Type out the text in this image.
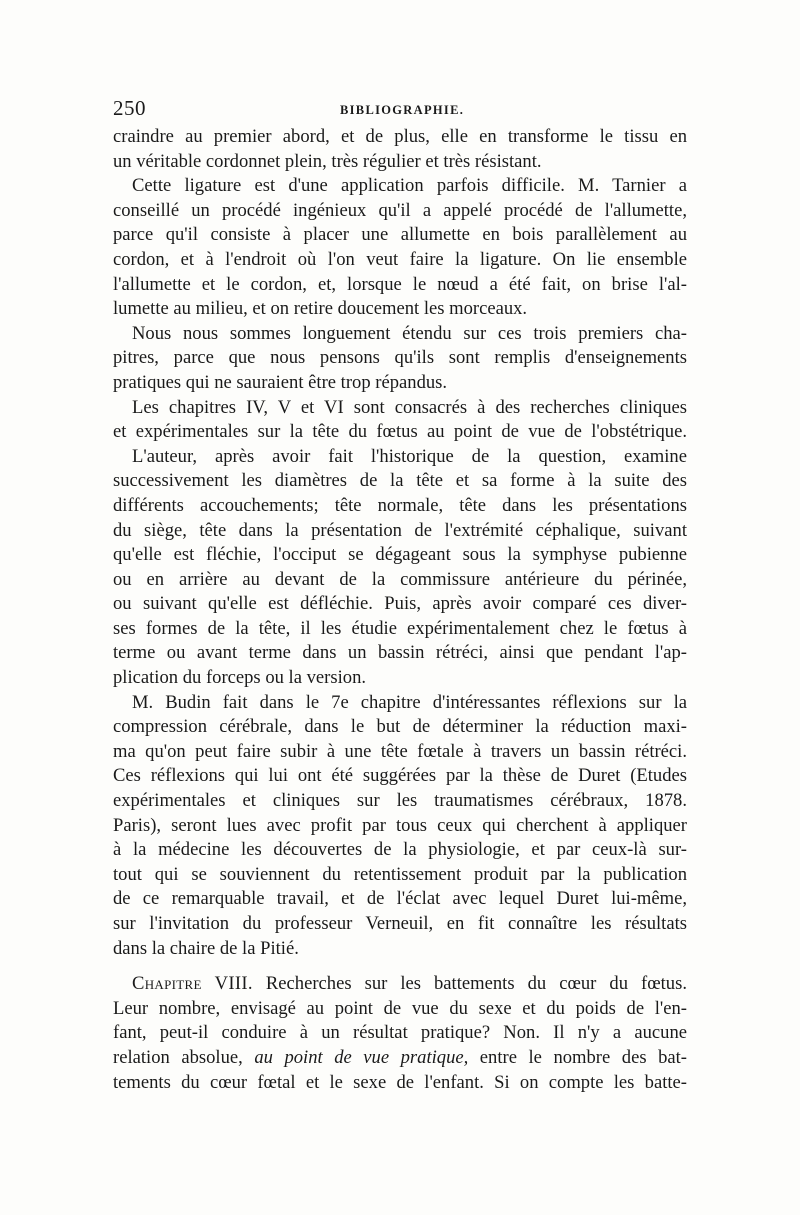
250	BIBLIOGRAPHIE.

craindre au premier abord, et de plus, elle en transforme le tissu en
un véritable cordonnet plein, très régulier et très résistant.

Cette ligature est d'une application parfois difficile. M. Tarnier a
conseillé un procédé ingénieux qu'il a appelé procédé de l'allumette,
parce qu'il consiste à placer une allumette en bois parallèlement au
cordon, et à l'endroit où l'on veut faire la ligature. On lie ensemble
l'allumette et le cordon, et, lorsque le nœud a été fait, on brise l'al-
lumette au milieu, et on retire doucement les morceaux.

Nous nous sommes longuement étendu sur ces trois premiers cha-
pitres, parce que nous pensons qu'ils sont remplis d'enseignements
pratiques qui ne sauraient être trop répandus.

Les chapitres IV, V et VI sont consacrés à des recherches cliniques
et expérimentales sur la tête du fœtus au point de vue de l'obstétrique.

L'auteur, après avoir fait l'historique de la question, examine
successivement les diamètres de la tête et sa forme à la suite des
différents accouchements; tête normale, tête dans les présentations
du siège, tête dans la présentation de l'extrémité céphalique, suivant
qu'elle est fléchie, l'occiput se dégageant sous la symphyse pubienne
ou en arrière au devant de la commissure antérieure du périnée,
ou suivant qu'elle est défléchie. Puis, après avoir comparé ces diver-
ses formes de la tête, il les étudie expérimentalement chez le fœtus à
terme ou avant terme dans un bassin rétréci, ainsi que pendant l'ap-
plication du forceps ou la version.

M. Budin fait dans le 7e chapitre d'intéressantes réflexions sur la
compression cérébrale, dans le but de déterminer la réduction maxi-
ma qu'on peut faire subir à une tête fœtale à travers un bassin rétréci.
Ces réflexions qui lui ont été suggérées par la thèse de Duret (Etudes
expérimentales et cliniques sur les traumatismes cérébraux, 1878.
Paris), seront lues avec profit par tous ceux qui cherchent à appliquer
à la médecine les découvertes de la physiologie, et par ceux-là sur-
tout qui se souviennent du retentissement produit par la publication
de ce remarquable travail, et de l'éclat avec lequel Duret lui-même,
sur l'invitation du professeur Verneuil, en fit connaître les résultats
dans la chaire de la Pitié.

Chapitre VIII. Recherches sur les battements du cœur du fœtus.
Leur nombre, envisagé au point de vue du sexe et du poids de l'en-
fant, peut-il conduire à un résultat pratique? Non. Il n'y a aucune
relation absolue, au point de vue pratique, entre le nombre des bat-
tements du cœur fœtal et le sexe de l'enfant. Si on compte les batte-
